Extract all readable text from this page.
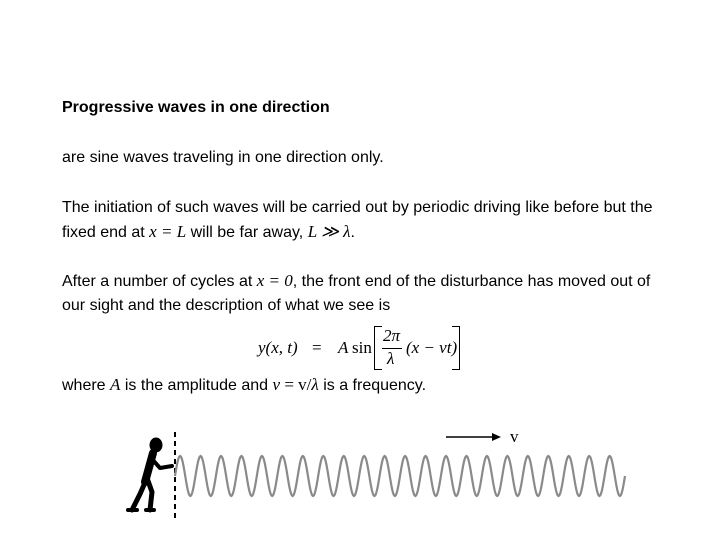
Progressive waves in one direction

are sine waves traveling in one direction only.

The initiation of such waves will be carried out by periodic driving like before but the fixed end at x = L will be far away, L ≫ λ.

After a number of cycles at x = 0, the front end of the disturbance has moved out of our sight and the description of what we see is

y(x, t) = A sin
2π
λ
(x − vt)

where A is the amplitude and ν = v/λ is a frequency.

v
